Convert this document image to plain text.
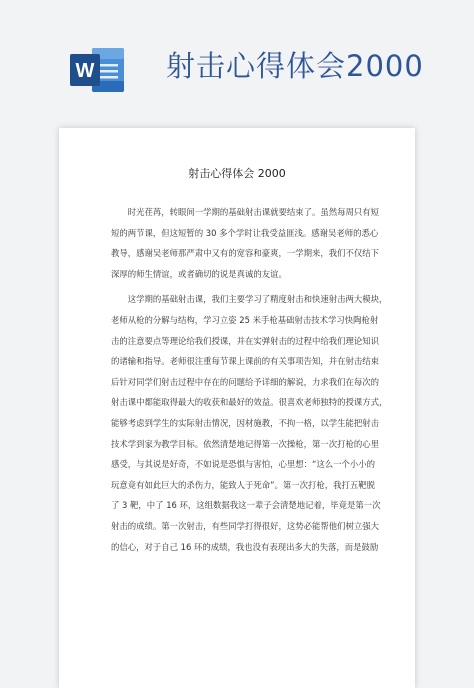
W 射击心得体会2000
射击心得体会 2000

　　时光荏苒，转眼间一学期的基础射击课就要结束了。虽然每周只有短
短的两节课，但这短暂的 30 多个学时让我受益匪浅。感谢吴老师的悉心
教导，感谢吴老师那严肃中又有的宽容和豪爽，一学期来，我们不仅结下
深厚的师生情谊，或者确切的说是真诚的友谊。

　　这学期的基础射击课，我们主要学习了精度射击和快速射击两大模块，
老师从枪的分解与结构，学习立姿 25 米手枪基础射击技术学习快陶枪射
击的注意要点等理论给我们授课，并在实弹射击的过程中给我们理论知识
的诸输和指导。老师很注重每节课上课前的有关事项告知，并在射击结束
后针对同学们射击过程中存在的问题给予详细的解说，力求我们在每次的
射击课中都能取得最大的收获和最好的效益。很喜欢老师独特的授课方式，
能够考虑到学生的实际射击情况，因材施教，不拘一格，以学生能把射击
技术学到家为教学目标。依然清楚地记得第一次操枪，第一次打枪的心里
感受，与其说是好奇，不如说是恐惧与害怕，心里想：“这么一个小小的
玩意竟有如此巨大的杀伤力，能致人于死命”。第一次打枪，我打五靶脱
了 3 靶，中了 16 环，这组数据我这一辈子会清楚地记着，毕竟是第一次
射击的成绩。第一次射击，有些同学打得很好，这势必能帮他们树立强大
的信心，对于自己 16 环的成绩，我也没有表现出多大的失落，而是鼓励
